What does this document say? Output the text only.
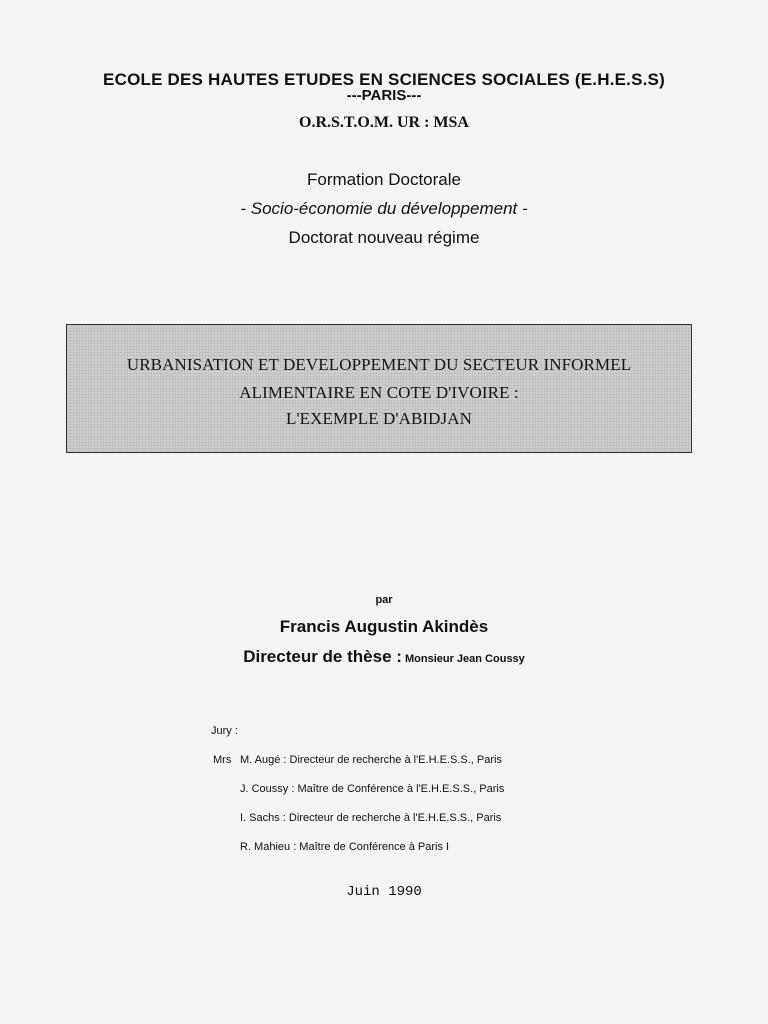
ECOLE DES HAUTES ETUDES EN SCIENCES SOCIALES (E.H.E.S.S)
---PARIS---
O.R.S.T.O.M. UR : MSA
Formation Doctorale
- Socio-économie du développement -
Doctorat nouveau régime
URBANISATION ET DEVELOPPEMENT DU SECTEUR INFORMEL
ALIMENTAIRE EN COTE D'IVOIRE :
L'EXEMPLE D'ABIDJAN
par
Francis Augustin Akindès
Directeur de thèse : Monsieur Jean Coussy
Jury :
Mrs M. Augé : Directeur de recherche à l'E.H.E.S.S., Paris
J. Coussy : Maître de Conférence à l'E.H.E.S.S., Paris
I. Sachs : Directeur de recherche à l'E.H.E.S.S., Paris
R. Mahieu : Maître de Conférence à Paris I
Juin 1990
